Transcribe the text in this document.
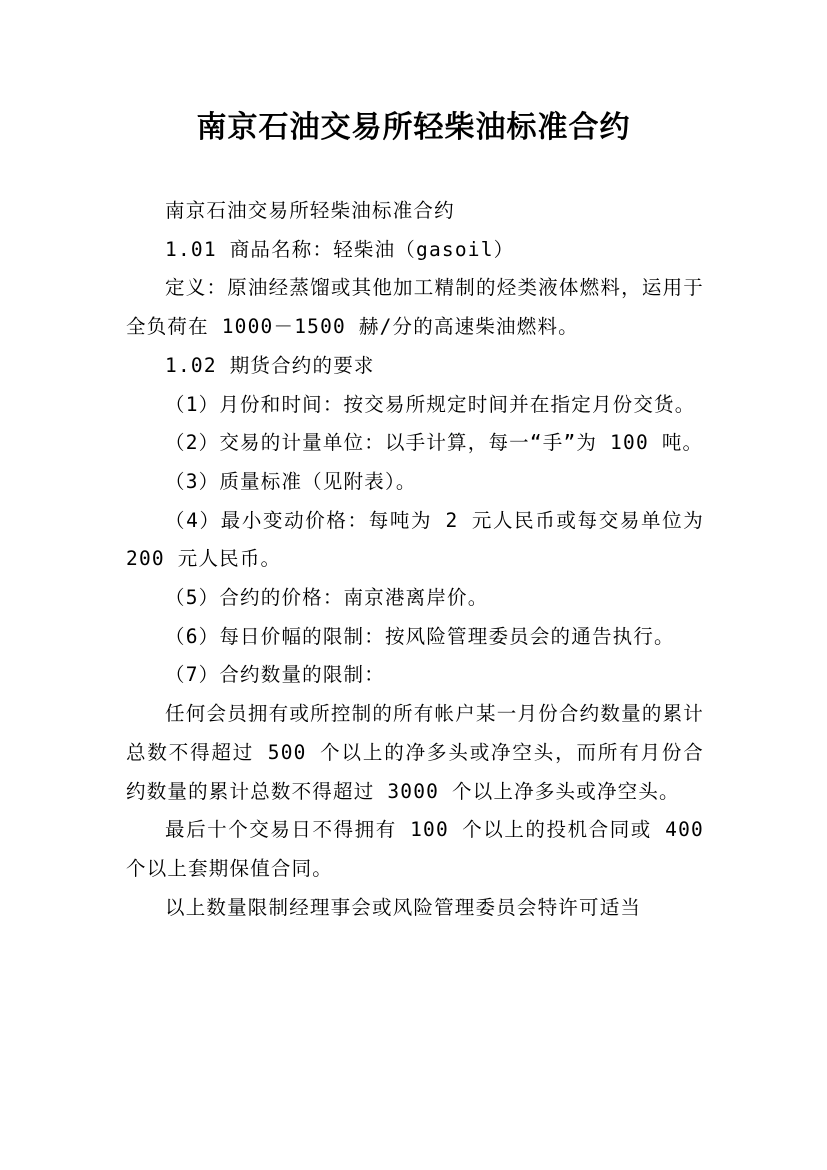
南京石油交易所轻柴油标准合约

南京石油交易所轻柴油标准合约

1.01 商品名称：轻柴油（gasoil）

定义：原油经蒸馏或其他加工精制的烃类液体燃料，运用于全负荷在 1000－1500 赫/分的高速柴油燃料。

1.02 期货合约的要求

（1）月份和时间：按交易所规定时间并在指定月份交货。

（2）交易的计量单位：以手计算，每一“手”为 100 吨。

（3）质量标准（见附表）。

（4）最小变动价格：每吨为 2 元人民币或每交易单位为 200 元人民币。

（5）合约的价格：南京港离岸价。

（6）每日价幅的限制：按风险管理委员会的通告执行。

（7）合约数量的限制：

任何会员拥有或所控制的所有帐户某一月份合约数量的累计总数不得超过 500 个以上的净多头或净空头，而所有月份合约数量的累计总数不得超过 3000 个以上净多头或净空头。

最后十个交易日不得拥有 100 个以上的投机合同或 400 个以上套期保值合同。

以上数量限制经理事会或风险管理委员会特许可适当
